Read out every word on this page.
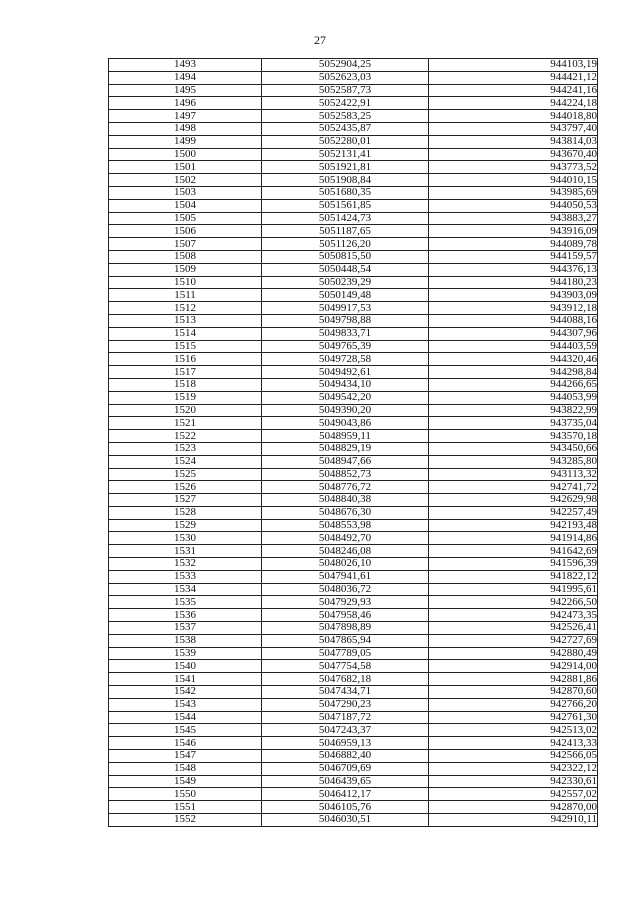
27
1493	5052904,25	944103,19
1494	5052623,03	944421,12
1495	5052587,73	944241,16
1496	5052422,91	944224,18
1497	5052583,25	944018,80
1498	5052435,87	943797,40
1499	5052280,01	943814,03
1500	5052131,41	943670,40
1501	5051921,81	943773,52
1502	5051908,84	944010,15
1503	5051680,35	943985,69
1504	5051561,85	944050,53
1505	5051424,73	943883,27
1506	5051187,65	943916,09
1507	5051126,20	944089,78
1508	5050815,50	944159,57
1509	5050448,54	944376,13
1510	5050239,29	944180,23
1511	5050149,48	943903,09
1512	5049917,53	943912,18
1513	5049798,88	944088,16
1514	5049833,71	944307,96
1515	5049765,39	944403,59
1516	5049728,58	944320,46
1517	5049492,61	944298,84
1518	5049434,10	944266,65
1519	5049542,20	944053,99
1520	5049390,20	943822,99
1521	5049043,86	943735,04
1522	5048959,11	943570,18
1523	5048829,19	943450,66
1524	5048947,66	943285,80
1525	5048852,73	943113,32
1526	5048776,72	942741,72
1527	5048840,38	942629,98
1528	5048676,30	942257,49
1529	5048553,98	942193,48
1530	5048492,70	941914,86
1531	5048246,08	941642,69
1532	5048026,10	941596,39
1533	5047941,61	941822,12
1534	5048036,72	941995,61
1535	5047929,93	942266,50
1536	5047958,46	942473,35
1537	5047898,89	942526,41
1538	5047865,94	942727,69
1539	5047789,05	942880,49
1540	5047754,58	942914,00
1541	5047682,18	942881,86
1542	5047434,71	942870,60
1543	5047290,23	942766,20
1544	5047187,72	942761,30
1545	5047243,37	942513,02
1546	5046959,13	942413,33
1547	5046882,40	942566,05
1548	5046709,69	942322,12
1549	5046439,65	942330,61
1550	5046412,17	942557,02
1551	5046105,76	942870,00
1552	5046030,51	942910,11
